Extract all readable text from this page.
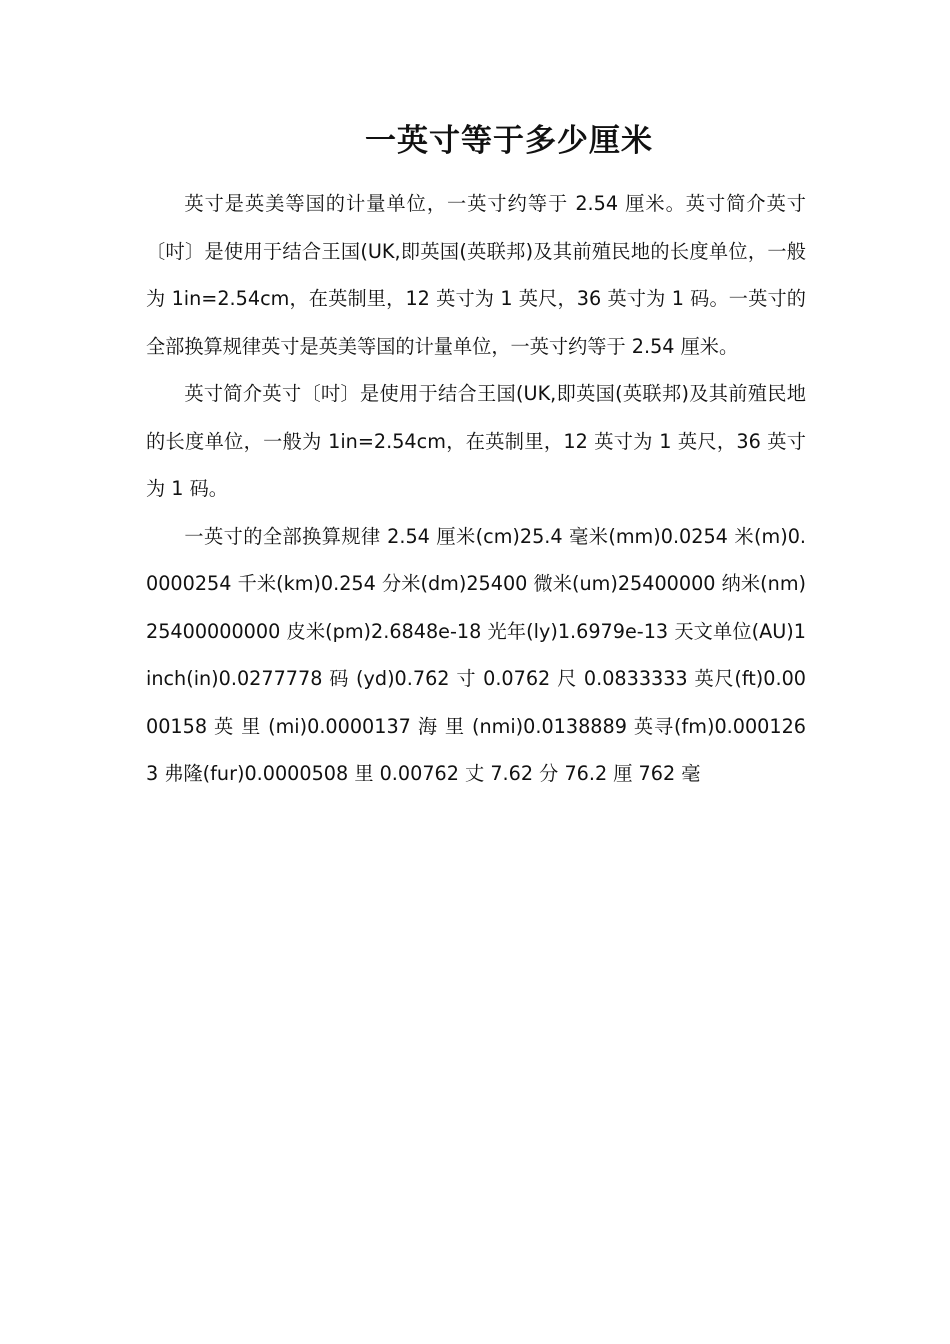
一英寸等于多少厘米

英寸是英美等国的计量单位，一英寸约等于 2.54 厘米。英寸简介英寸〔吋〕是使用于结合王国(UK,即英国(英联邦)及其前殖民地的长度单位，一般为 1in=2.54cm，在英制里，12 英寸为 1 英尺，36 英寸为 1 码。一英寸的全部换算规律英寸是英美等国的计量单位，一英寸约等于 2.54 厘米。

英寸简介英寸〔吋〕是使用于结合王国(UK,即英国(英联邦)及其前殖民地的长度单位，一般为 1in=2.54cm，在英制里，12 英寸为 1 英尺，36 英寸为 1 码。

一英寸的全部换算规律 2.54 厘米(cm)25.4 毫米(mm)0.0254 米(m)0.0000254 千米(km)0.254 分米(dm)25400 微米(um)25400000 纳米(nm)25400000000 皮米(pm)2.6848e-18 光年(ly)1.6979e-13 天文单位(AU)1inch(in)0.0277778 码 (yd)0.762 寸 0.0762 尺 0.0833333 英尺(ft)0.0000158 英 里 (mi)0.0000137 海 里 (nmi)0.0138889 英寻(fm)0.0001263 弗隆(fur)0.0000508 里 0.00762 丈 7.62 分 76.2 厘 762 毫
